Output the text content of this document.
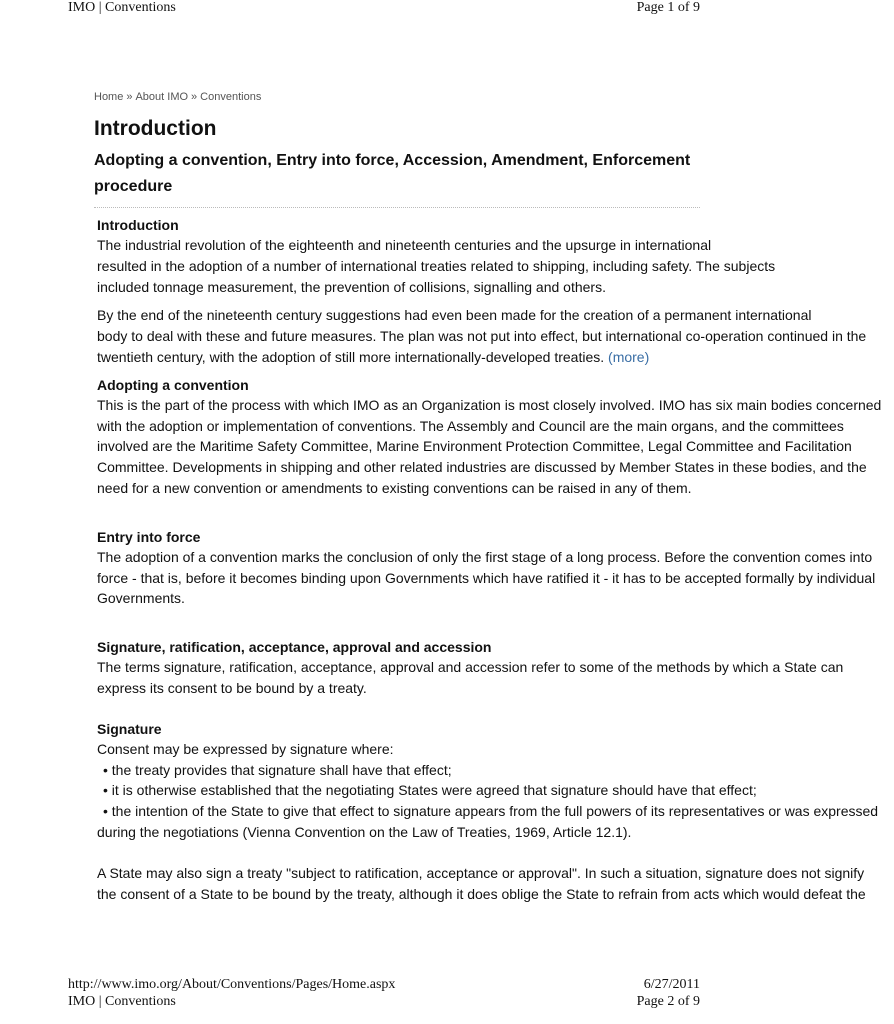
IMO | Conventions	Page 1 of 9
Home » About IMO » Conventions
Introduction
Adopting a convention, Entry into force, Accession, Amendment, Enforcement
procedure
Introduction
The industrial revolution of the eighteenth and nineteenth centuries and the upsurge in international
resulted in the adoption of a number of international treaties related to shipping, including safety. The subjects
included tonnage measurement, the prevention of collisions, signalling and others.
By the end of the nineteenth century suggestions had even been made for the creation of a permanent international
body to deal with these and future measures. The plan was not put into effect, but international co-operation continued in the
twentieth century, with the adoption of still more internationally-developed treaties. (more)
Adopting a convention
This is the part of the process with which IMO as an Organization is most closely involved. IMO has six main bodies concerned
with the adoption or implementation of conventions. The Assembly and Council are the main organs, and the committees
involved are the Maritime Safety Committee, Marine Environment Protection Committee, Legal Committee and Facilitation
Committee. Developments in shipping and other related industries are discussed by Member States in these bodies, and the
need for a new convention or amendments to existing conventions can be raised in any of them.
Entry into force
The adoption of a convention marks the conclusion of only the first stage of a long process. Before the convention comes into
force - that is, before it becomes binding upon Governments which have ratified it - it has to be accepted formally by individual
Governments.
Signature, ratification, acceptance, approval and accession
The terms signature, ratification, acceptance, approval and accession refer to some of the methods by which a State can
express its consent to be bound by a treaty.
Signature
Consent may be expressed by signature where:
• the treaty provides that signature shall have that effect;
• it is otherwise established that the negotiating States were agreed that signature should have that effect;
• the intention of the State to give that effect to signature appears from the full powers of its representatives or was expressed
during the negotiations (Vienna Convention on the Law of Treaties, 1969, Article 12.1).
A State may also sign a treaty "subject to ratification, acceptance or approval". In such a situation, signature does not signify
the consent of a State to be bound by the treaty, although it does oblige the State to refrain from acts which would defeat the
http://www.imo.org/About/Conventions/Pages/Home.aspx	6/27/2011
IMO | Conventions	Page 2 of 9
